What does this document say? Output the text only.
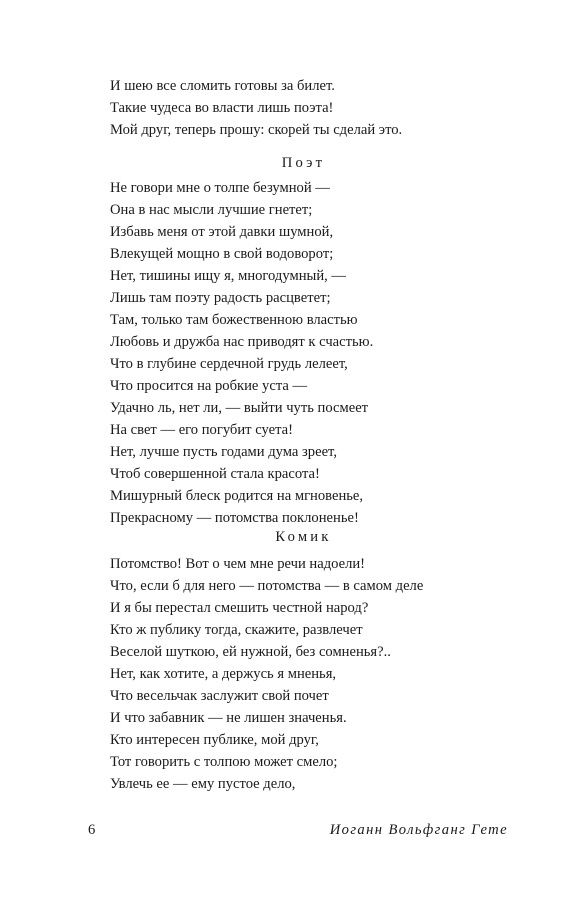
И шею все сломить готовы за билет.
Такие чудеса во власти лишь поэта!
Мой друг, теперь прошу: скорей ты сделай это.
Поэт
Не говори мне о толпе безумной —
Она в нас мысли лучшие гнетет;
Избавь меня от этой давки шумной,
Влекущей мощно в свой водоворот;
Нет, тишины ищу я, многодумный, —
Лишь там поэту радость расцветет;
Там, только там божественною властью
Любовь и дружба нас приводят к счастью.
Что в глубине сердечной грудь лелеет,
Что просится на робкие уста —
Удачно ль, нет ли, — выйти чуть посмеет
На свет — его погубит суета!
Нет, лучше пусть годами дума зреет,
Чтоб совершенной стала красота!
Мишурный блеск родится на мгновенье,
Прекрасному — потомства поклоненье!
Комик
Потомство! Вот о чем мне речи надоели!
Что, если б для него — потомства — в самом деле
И я бы перестал смешить честной народ?
Кто ж публику тогда, скажите, развлечет
Веселой шуткою, ей нужной, без сомненья?..
Нет, как хотите, а держусь я мненья,
Что весельчак заслужит свой почет
И что забавник — не лишен значенья.
Кто интересен публике, мой друг,
Тот говорить с толпою может смело;
Увлечь ее — ему пустое дело,
6	Иоганн Вольфганг Гете
